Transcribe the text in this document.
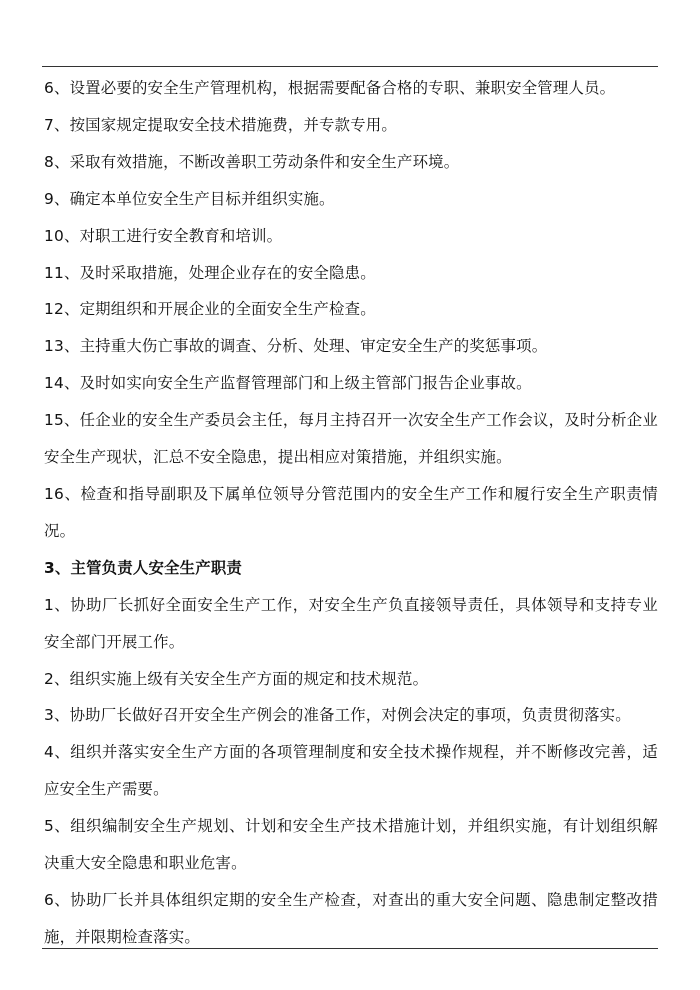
6、设置必要的安全生产管理机构，根据需要配备合格的专职、兼职安全管理人员。

7、按国家规定提取安全技术措施费，并专款专用。

8、采取有效措施，不断改善职工劳动条件和安全生产环境。

9、确定本单位安全生产目标并组织实施。

10、对职工进行安全教育和培训。

11、及时采取措施，处理企业存在的安全隐患。

12、定期组织和开展企业的全面安全生产检查。

13、主持重大伤亡事故的调查、分析、处理、审定安全生产的奖惩事项。

14、及时如实向安全生产监督管理部门和上级主管部门报告企业事故。

15、任企业的安全生产委员会主任，每月主持召开一次安全生产工作会议，及时分析企业安全生产现状，汇总不安全隐患，提出相应对策措施，并组织实施。

16、检查和指导副职及下属单位领导分管范围内的安全生产工作和履行安全生产职责情况。

3、主管负责人安全生产职责

1、协助厂长抓好全面安全生产工作，对安全生产负直接领导责任，具体领导和支持专业安全部门开展工作。

2、组织实施上级有关安全生产方面的规定和技术规范。

3、协助厂长做好召开安全生产例会的准备工作，对例会决定的事项，负责贯彻落实。

4、组织并落实安全生产方面的各项管理制度和安全技术操作规程，并不断修改完善，适应安全生产需要。

5、组织编制安全生产规划、计划和安全生产技术措施计划，并组织实施，有计划组织解决重大安全隐患和职业危害。

6、协助厂长并具体组织定期的安全生产检查，对查出的重大安全问题、隐患制定整改措施，并限期检查落实。
